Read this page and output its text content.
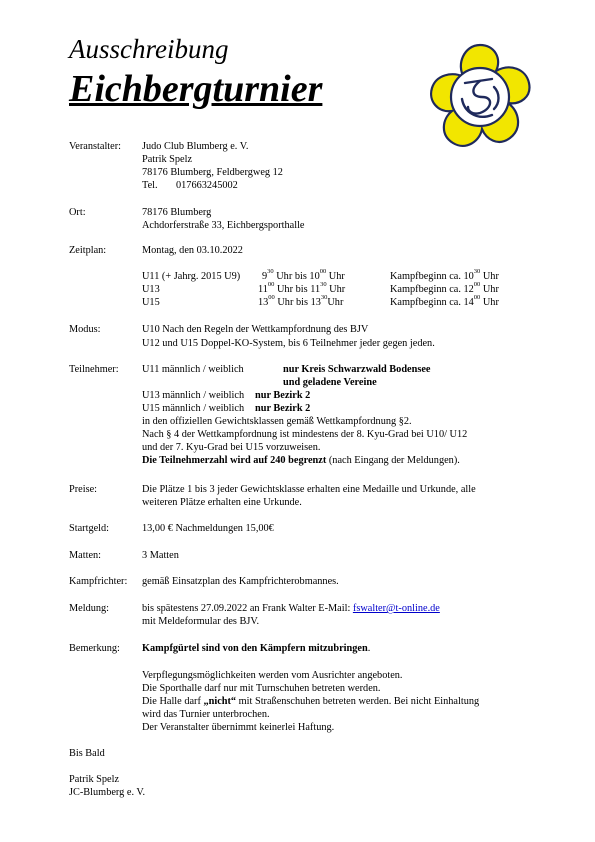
Ausschreibung
Eichbergturnier
Veranstalter: Judo Club Blumberg e. V.
Patrik Spelz
78176 Blumberg, Feldbergweg 12
Tel. 017663245002
Ort:	78176 Blumberg
Achdorferstraße 33, Eichbergsporthalle
Zeitplan:	Montag, den 03.10.2022
U11 (+ Jahrg. 2015 U9) $9^{30}$ Uhr bis $10^{00}$ Uhr	Kampfbeginn ca. $10^{30}$ Uhr
U13	$11^{00}$ Uhr bis $11^{30}$ Uhr	Kampfbeginn ca. $12^{00}$ Uhr
U15	$13^{00}$ Uhr bis $13^{30}Uhr$	Kampfbeginn ca. $14^{00}$ Uhr
Modus:	U10 Nach den Regeln der Wettkampfordnung des BJV
U12 und U15 Doppel-KO-System, bis 6 Teilnehmer jeder gegen jeden.
Teilnehmer: U11 männlich / weiblich	nur Kreis Schwarzwald Bodensee
und geladene Vereine
U13 männlich / weiblich nur Bezirk 2
U15 männlich / weiblich nur Bezirk 2
in den offiziellen Gewichtsklassen gemäß Wettkampfordnung §2.
Nach § 4 der Wettkampfordnung ist mindestens der 8. Kyu-Grad bei U10/ U12
und der 7. Kyu-Grad bei U15 vorzuweisen.
Die Teilnehmerzahl wird auf 240 begrenzt (nach Eingang der Meldungen).
Preise:	Die Plätze 1 bis 3 jeder Gewichtsklasse erhalten eine Medaille und Urkunde, alle
weiteren Plätze erhalten eine Urkunde.
Startgeld:	13,00 € Nachmeldungen 15,00€
Matten:	3 Matten
Kampfrichter: gemäß Einsatzplan des Kampfrichterobmannes.
Meldung:	bis spätestens 27.09.2022 an Frank Walter E-Mail: fswalter@t-online.de
mit Meldeformular des BJV.
Bemerkung: Kampfgürtel sind von den Kämpfern mitzubringen.
Verpflegungsmöglichkeiten werden vom Ausrichter angeboten.
Die Sporthalle darf nur mit Turnschuhen betreten werden.
Die Halle darf „nicht“ mit Straßenschuhen betreten werden. Bei nicht Einhaltung
wird das Turnier unterbrochen.
Der Veranstalter übernimmt keinerlei Haftung.
Bis Bald
Patrik Spelz
JC-Blumberg e. V.
